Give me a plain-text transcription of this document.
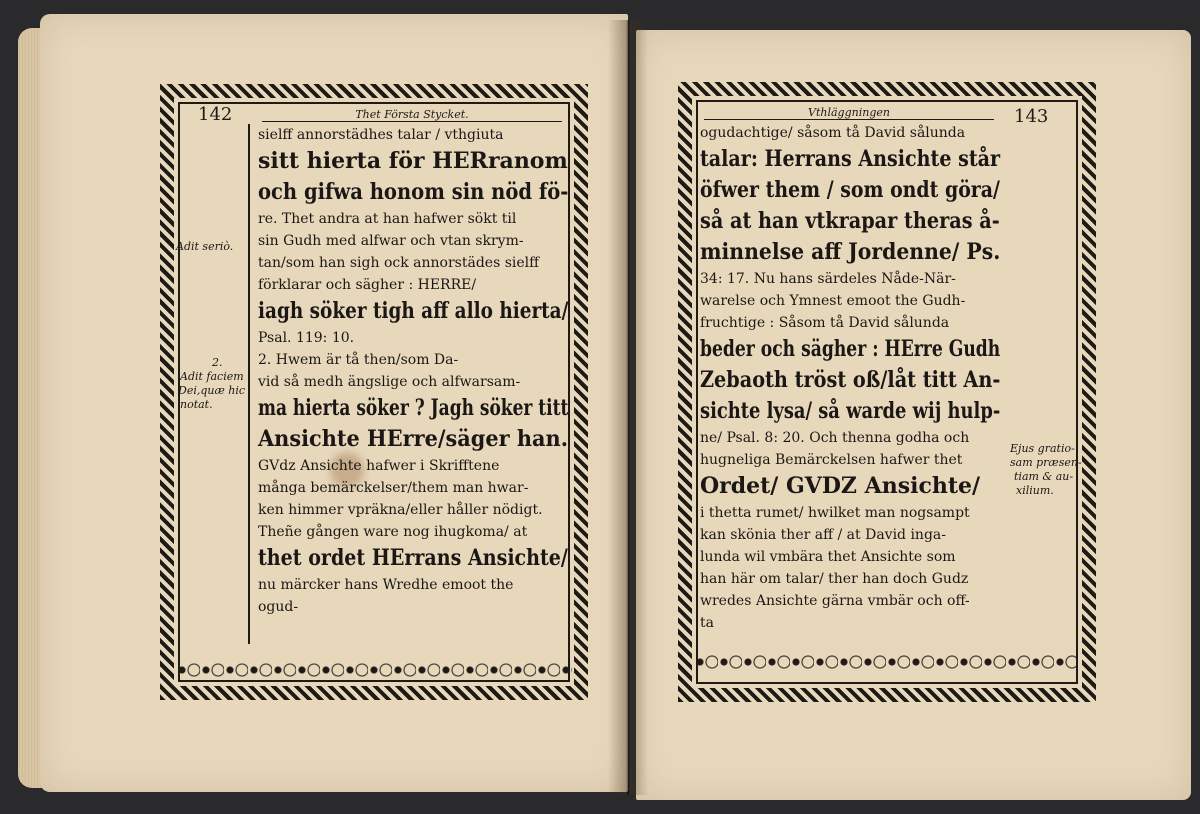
142	Thet Första Stycket.
Adit seriò.
2.
Adit faciem
Dei,quæ hic
notat.
sielff annorstädhes talar / vthgiuta
sitt hierta för HERranom
och gifwa honom sin nöd fö-
re. Thet andra at han hafwer sökt til
sin Gudh med alfwar och vtan skrym-
tan/som han sigh ock annorstädes sielff
förklarar och sägher : HERRE/
iagh söker tigh aff allo hierta/
Psal. 119: 10.
2. Hwem är tå then/som Da-
vid så medh ängslige och alfwarsam-
ma hierta söker ? Jagh söker titt
Ansichte HErre/säger han.
GVdz Ansichte hafwer i Skrifftene
många bemärckelser/them man hwar-
ken himmer vpräkna/eller håller nödigt.
Theñe gången ware nog ihugkoma/ at
thet ordet HErrans Ansichte/
nu märcker hans Wredhe emoot the
ogud-
Vthläggningen	143
Ejus gratio-
sam præsen-
tiam & au-
xilium.
ogudachtige/ såsom tå David sålunda
talar: Herrans Ansichte står
öfwer them / som ondt göra/
så at han vtkrapar theras å-
minnelse aff Jordenne/ Ps.
34: 17. Nu hans särdeles Nåde-När-
warelse och Ymnest emoot the Gudh-
fruchtige : Såsom tå David sålunda
beder och sägher : HErre Gudh
Zebaoth tröst oß/låt titt An-
sichte lysa/ så warde wij hulp-
ne/ Psal. 8: 20. Och thenna godha och
hugneliga Bemärckelsen hafwer thet
Ordet/ GVDZ Ansichte/
i thetta rumet/ hwilket man nogsampt
kan skönia ther aff / at David inga-
lunda wil vmbära thet Ansichte som
han här om talar/ ther han doch Gudz
wredes Ansichte gärna vmbär och off-
ta
